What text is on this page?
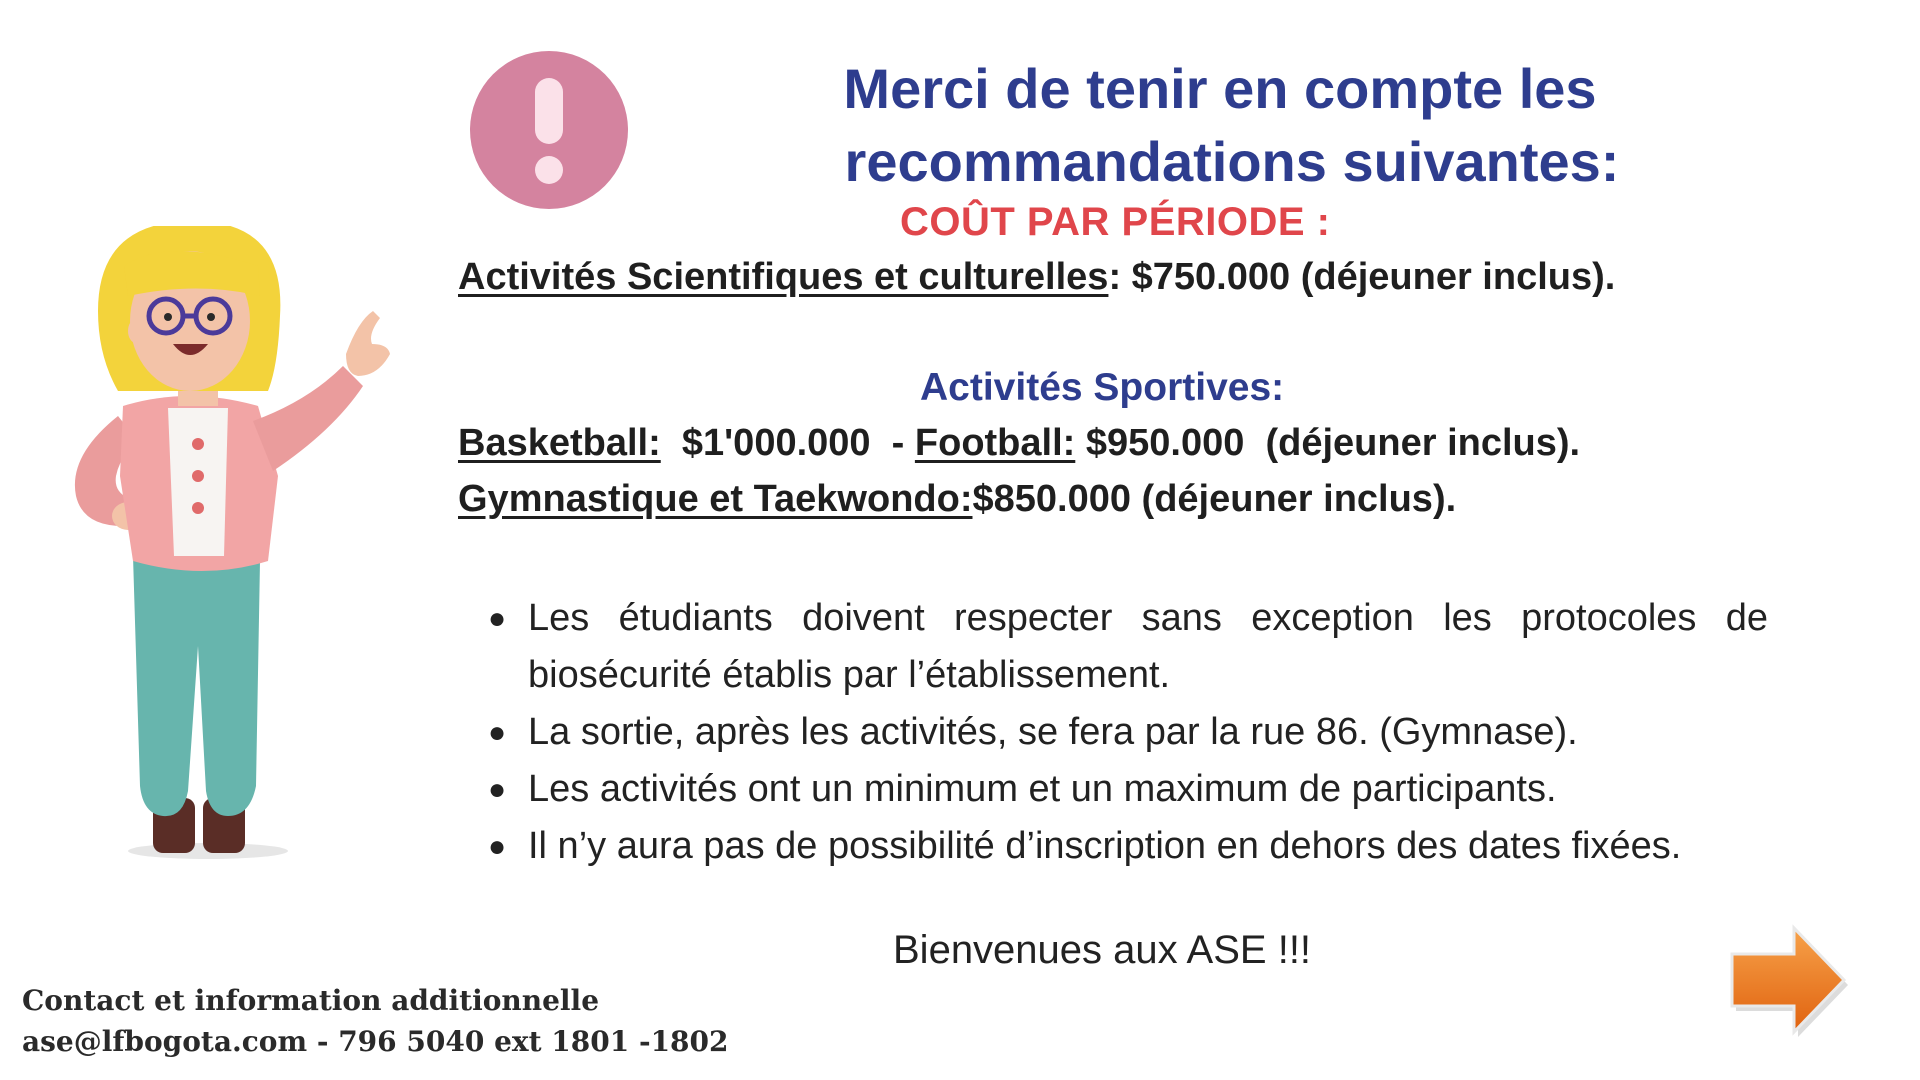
Merci de tenir en compte les
recommandations suivantes:
COÛT PAR PÉRIODE :
Activités Scientifiques et culturelles: $750.000 (déjeuner inclus).
Activités Sportives:
Basketball: $1'000.000 - Football: $950.000 (déjeuner inclus).
Gymnastique et Taekwondo:$850.000 (déjeuner inclus).
● Les étudiants doivent respecter sans exception les protocoles de biosécurité établis par l’établissement.
● La sortie, après les activités, se fera par la rue 86. (Gymnase).
● Les activités ont un minimum et un maximum de participants.
● Il n’y aura pas de possibilité d’inscription en dehors des dates fixées.
Bienvenues aux ASE !!!
Contact et information additionnelle
ase@lfbogota.com - 796 5040 ext 1801 -1802
